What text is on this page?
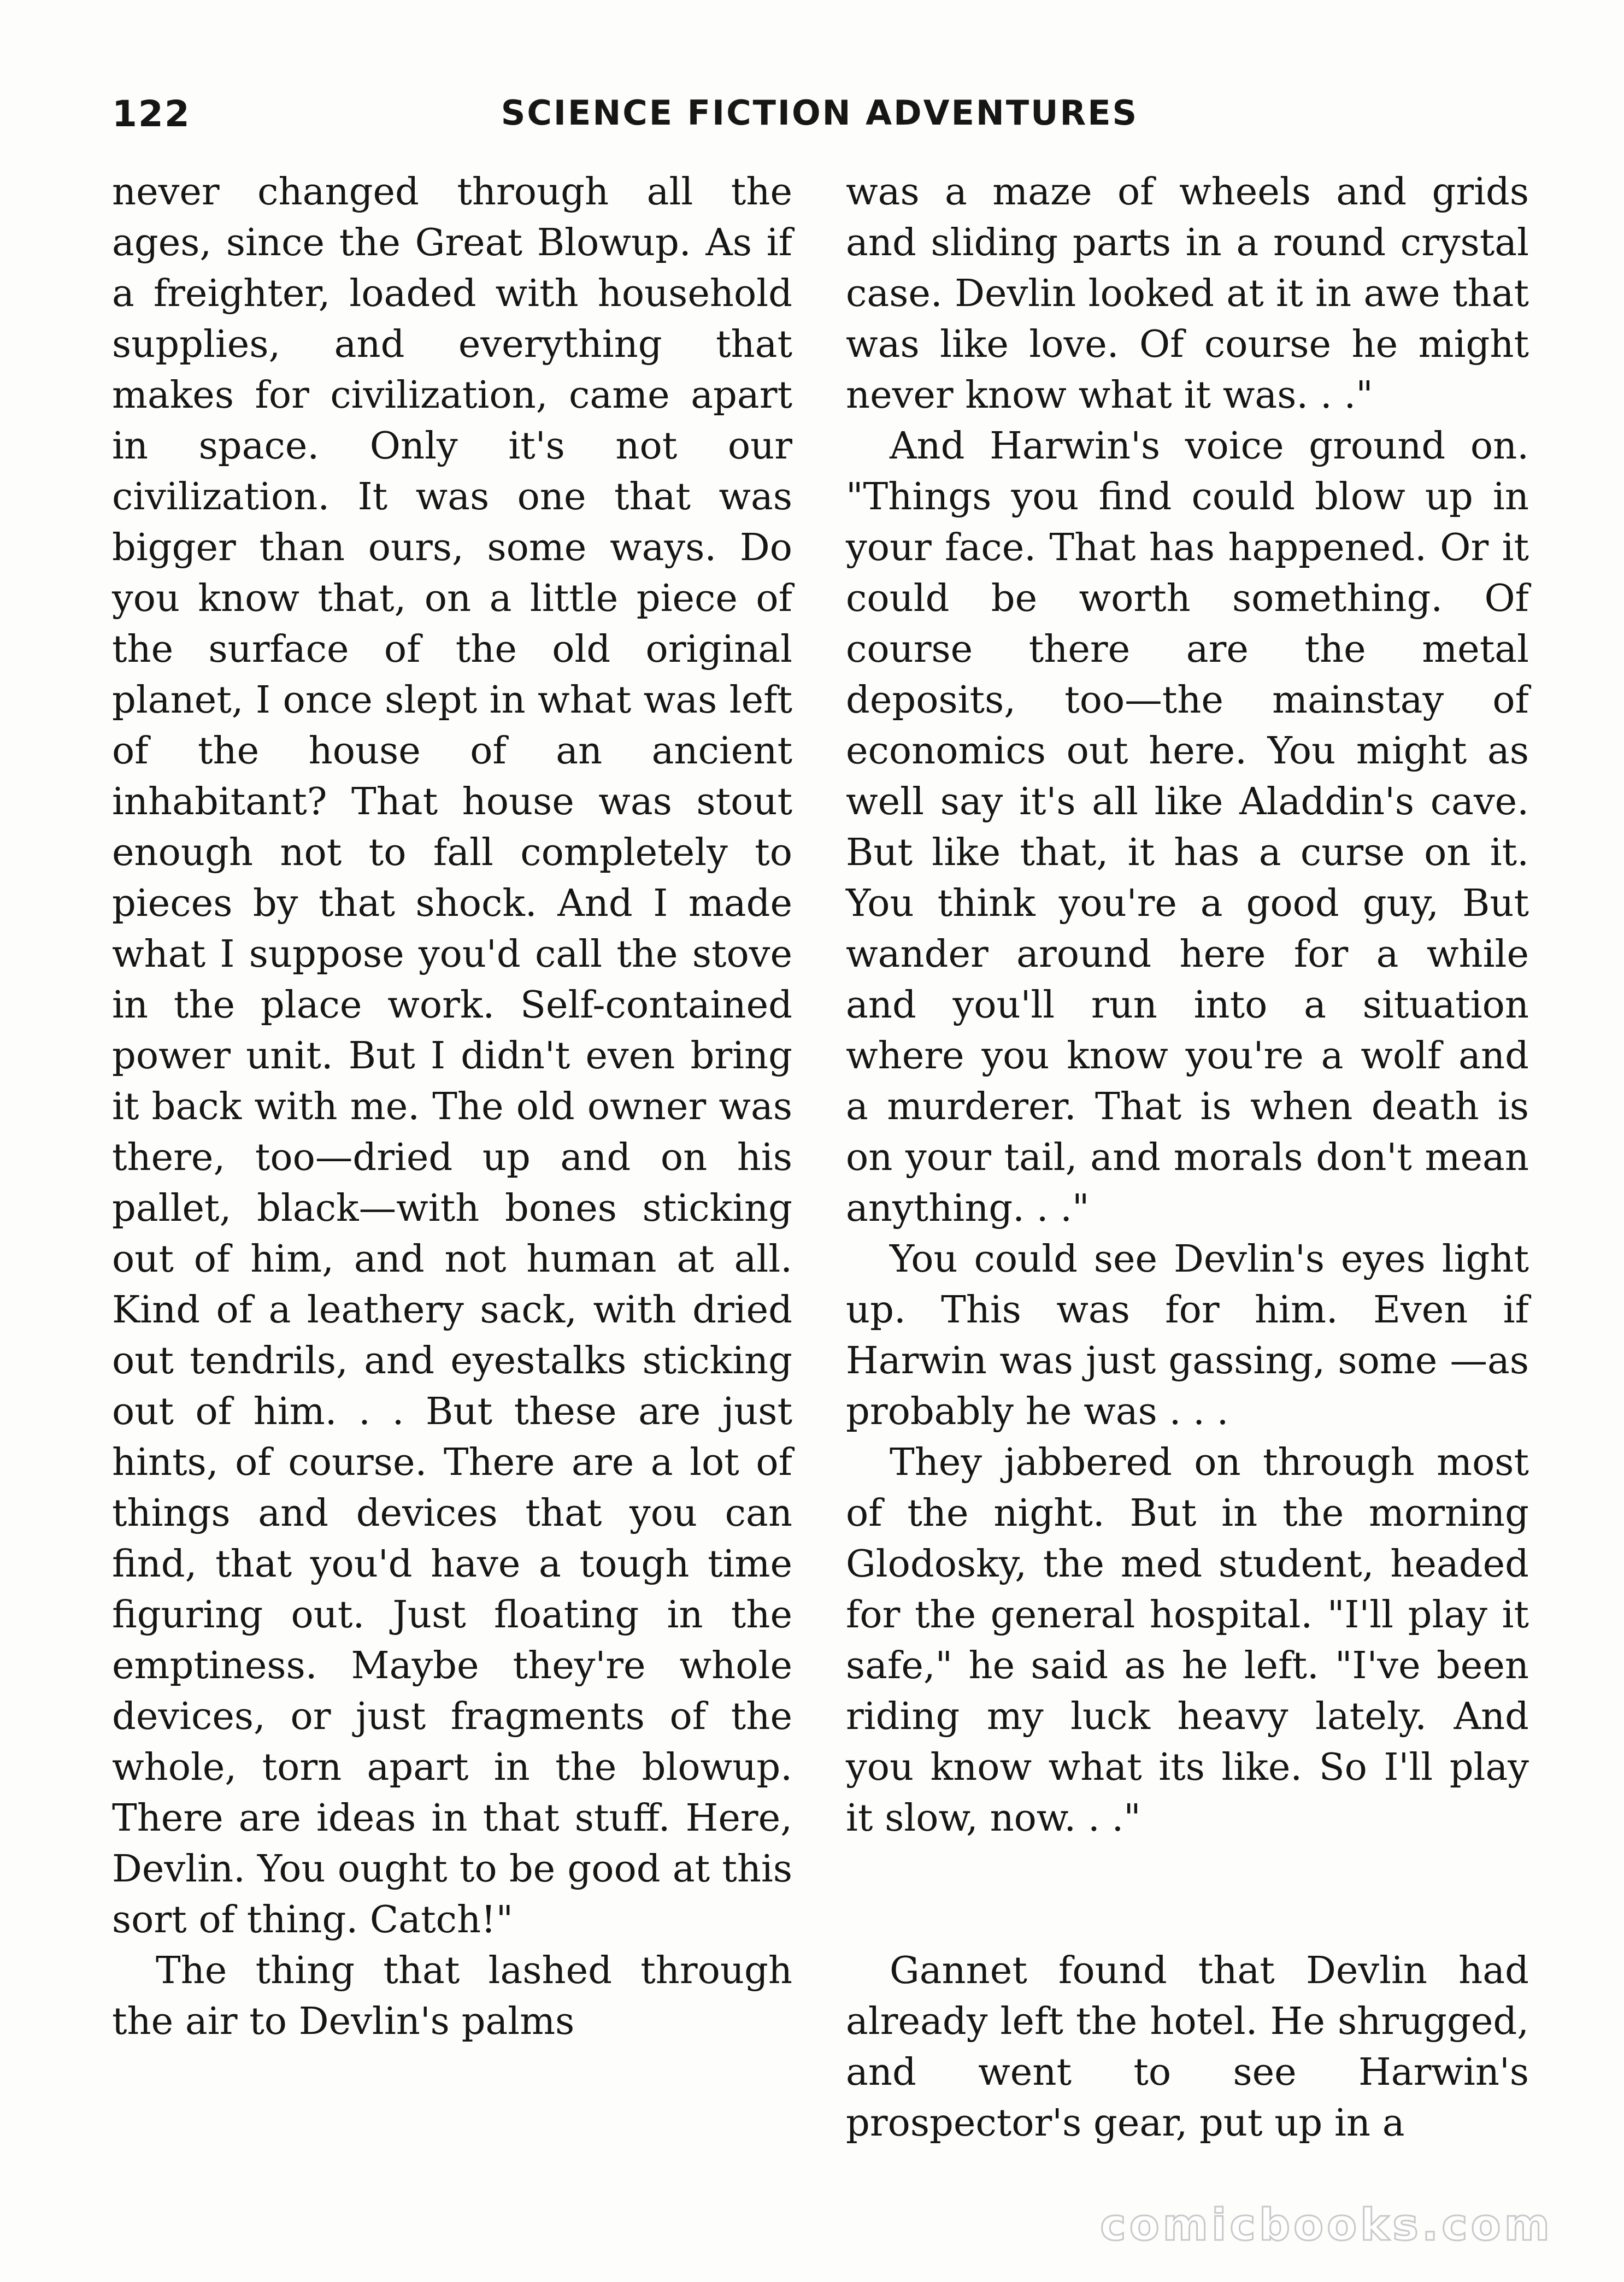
122	SCIENCE FICTION ADVENTURES

never changed through all the ages, since the Great Blowup. As if a freighter, loaded with household supplies, and everything that makes for civilization, came apart in space. Only it's not our civilization. It was one that was bigger than ours, some ways. Do you know that, on a little piece of the surface of the old original planet, I once slept in what was left of the house of an ancient inhabitant? That house was stout enough not to fall completely to pieces by that shock. And I made what I suppose you'd call the stove in the place work. Self-contained power unit. But I didn't even bring it back with me. The old owner was there, too—dried up and on his pallet, black—with bones sticking out of him, and not human at all. Kind of a leathery sack, with dried out tendrils, and eyestalks sticking out of him. . . But these are just hints, of course. There are a lot of things and devices that you can find, that you'd have a tough time figuring out. Just floating in the emptiness. Maybe they're whole devices, or just fragments of the whole, torn apart in the blowup. There are ideas in that stuff. Here, Devlin. You ought to be good at this sort of thing. Catch!"

The thing that lashed through the air to Devlin's palms

was a maze of wheels and grids and sliding parts in a round crystal case. Devlin looked at it in awe that was like love. Of course he might never know what it was. . ."

And Harwin's voice ground on. "Things you find could blow up in your face. That has happened. Or it could be worth something. Of course there are the metal deposits, too—the mainstay of economics out here. You might as well say it's all like Aladdin's cave. But like that, it has a curse on it. You think you're a good guy, But wander around here for a while and you'll run into a situation where you know you're a wolf and a murderer. That is when death is on your tail, and morals don't mean anything. . ."

You could see Devlin's eyes light up. This was for him. Even if Harwin was just gassing, some —as probably he was . . .

They jabbered on through most of the night. But in the morning Glodosky, the med student, headed for the general hospital. "I'll play it safe," he said as he left. "I've been riding my luck heavy lately. And you know what its like. So I'll play it slow, now. . ."

Gannet found that Devlin had already left the hotel. He shrugged, and went to see Harwin's prospector's gear, put up in a

comicbooks.com
